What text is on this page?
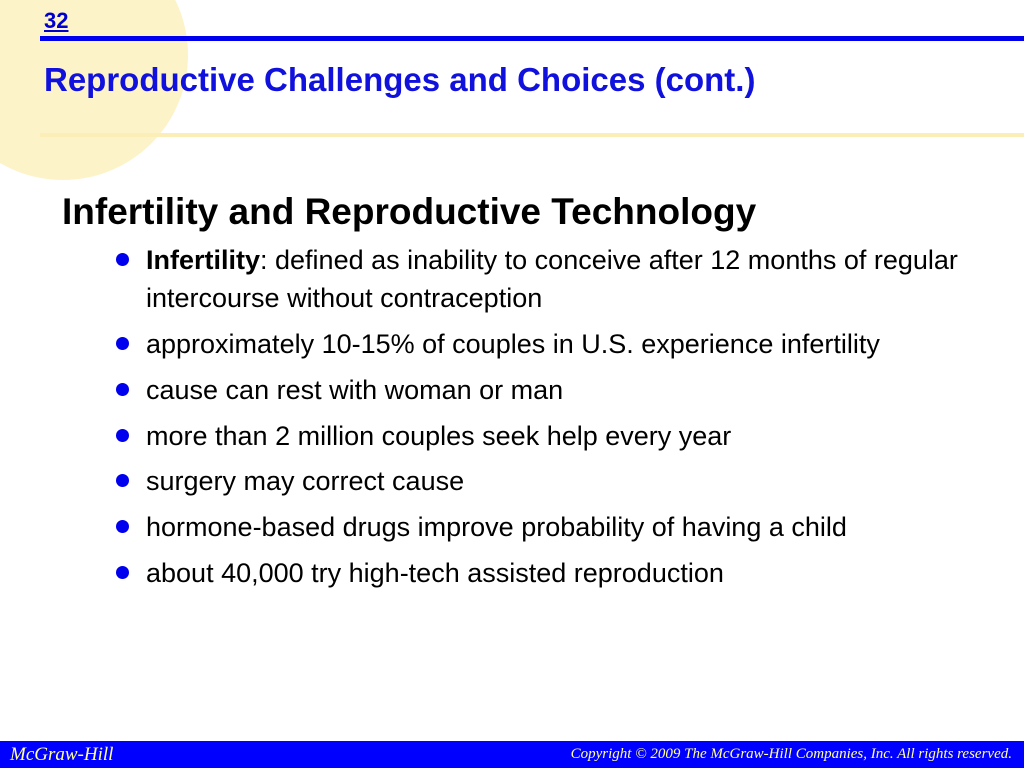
32
Reproductive Challenges and Choices (cont.)
Infertility and Reproductive Technology
Infertility: defined as inability to conceive after 12 months of regular intercourse without contraception
approximately 10-15% of couples in U.S. experience infertility
cause can rest with woman or man
more than 2 million couples seek help every year
surgery may correct cause
hormone-based drugs improve probability of having a child
about 40,000 try high-tech assisted reproduction
McGraw-Hill	Copyright © 2009 The McGraw-Hill Companies, Inc. All rights reserved.
